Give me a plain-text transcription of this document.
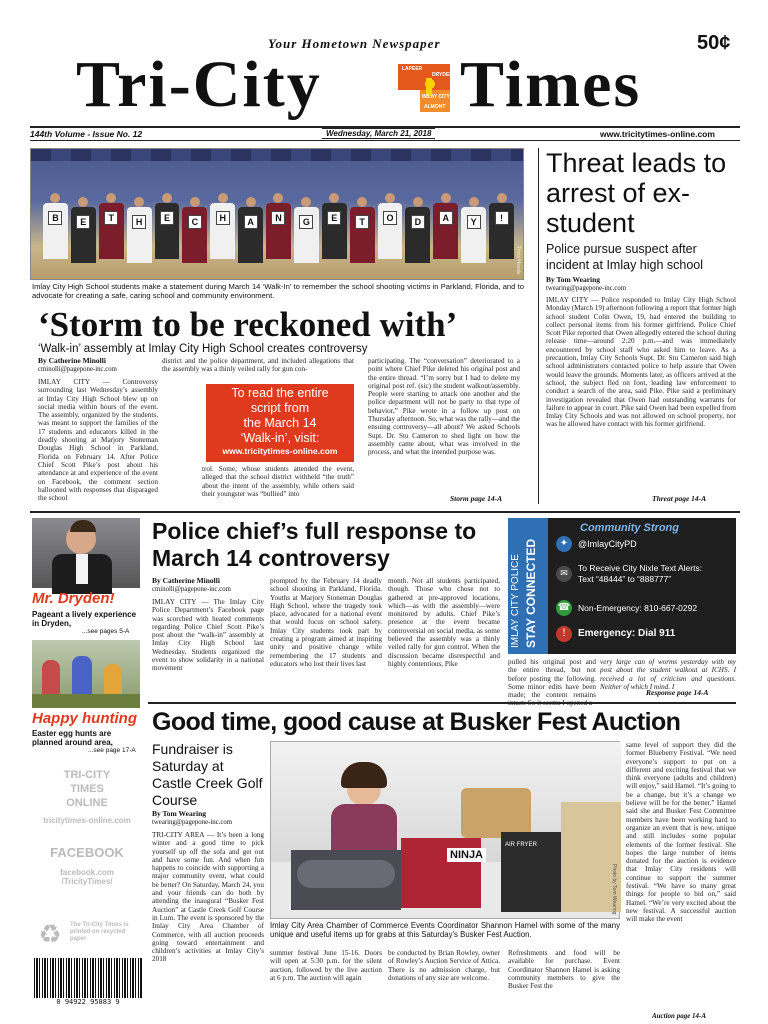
Your Hometown Newspaper	50¢
Tri-City	LAPEER
IMLAY CITY
ALMONT
DRYDEN Times
144th Volume - Issue No. 12	Wednesday, March 21, 2018	www.tricitytimes-online.com
B	E	T	H	E	C	H	A	N	G	E	T	O	D	A	Y	!
Tricia Hassle
Imlay City High School students make a statement during March 14 ‘Walk-In’ to remember the school shooting victims in Parkland, Florida, and to advocate for creating a safe, caring school and community environment.
‘Storm to be reckoned with’
‘Walk-in’ assembly at Imlay City High School creates controversy
By Catherine Minolli
cminolli@pagepone-inc.com
IMLAY CITY — Controversy surrounding last Wednesday’s assembly at Imlay City High School blew up on social media within hours of the event. The assembly, organized by the students, was meant to support the families of the 17 students and educators killed in the deadly shooting at Marjory Stoneman Douglas High School in Parkland, Florida on February 14. After Police Chief Scott Pike’s post about his attendance at and experience of the event on Facebook, the comment section ballooned with responses that disparaged the school
district and the police department, and included allegations that the assembly was a thinly veiled rally for gun con-
To read the entire
script from
the March 14
‘Walk-in’, visit:
www.tricitytimes-online.com
trol. Some, whose students attended the event, alleged that the school district withheld “the truth” about the intent of the assembly, while others said their youngster was “bullied” into
participating. The “conversation” deteriorated to a point where Chief Pike deleted his original post and the entire thread. “I’m sorry but I had to delete my original post ref. (sic) the student walkout/assembly. People were starting to attack one another and the police department will not be party to that type of behavior,” Pike wrote in a follow up post on Thursday afternoon. So, what was the rally—and the ensuing controversy—all about? We asked Schools Supt. Dr. Stu Cameron to shed light on how the assembly came about, what was involved in the process, and what the intended purpose was.
Storm page 14-A
Threat leads to arrest of ex-student
Police pursue suspect after incident at Imlay high school
By Tom Wearing
twearing@pagepone-inc.com
IMLAY CITY — Police responded to Imlay City High School Monday (March 19) afternoon following a report that former high school student Colin Owen, 19, had entered the building to collect personal items from his former girlfriend. Police Chief Scott Pike reported that Owen allegedly entered the school during release time—around 2:20 p.m.—and was immediately encountered by school staff who asked him to leave. As a precaution, Imlay City Schools Supt. Dr. Stu Cameron said high school administrators contacted police to help assure that Owen would leave the grounds. Moments later, as officers arrived at the school, the subject fled on foot, leading law enforcement to conduct a search of the area, said Pike. Pike said a preliminary investigation revealed that Owen had outstanding warrants for failure to appear in court. Pike said Owen had been expelled from Imlay City Schools and was not allowed on school property, nor was he allowed have contact with his former girlfriend.
Threat page 14-A
Mr. Dryden!
Pageant a lively experience in Dryden,
...see pages 5-A
Happy hunting
Easter egg hunts are planned around area,
...see page 17-A
Police chief’s full response to March 14 controversy
By Catherine Minolli
cminolli@pagepone-inc.com
IMLAY CITY — The Imlay City Police Department’s Facebook page was scorched with heated comments regarding Police Chief Scott Pike’s post about the “walk-in” assembly at Imlay City High School last Wednesday. Students organized the event to show solidarity in a national movement
prompted by the February 14 deadly school shooting in Parkland, Florida. Youths at Marjory Stoneman Douglas High School, where the tragedy took place, advocated for a national event that would focus on school safety. Imlay City students took part by creating a program aimed at inspiring unity and positive change while remembering the 17 students and educators who lost their lives last
month. Not all students participated, though. Those who chose not to gathered at pre-approved locations, which—as with the assembly—were monitored by adults. Chief Pike’s presence at the event became controversial on social media, as some believed the assembly was a thinly veiled rally for gun control. When the discussion became disrespectful and highly contentious, Pike	pulled his original post and the entire thread, but not before posting the following. Some minor edits have been made; the content remains
very large can of worms yesterday with my post about the student walkout at ICHS. I received a lot of criticism and questions. Neither of which I mind. I
Response page 14-A
IMLAY CITY POLICE STAY CONNECTED
Community Strong
✦	@ImlayCityPD
✉
To Receive City Nixle Text Alerts:
Text “48444” to “888777”
☎ Non-Emergency: 810-667-0292
!	Emergency: Dial 911
TRI-CITY
TIMES
ONLINE
tricitytimes-online.com
FACEBOOK
facebook.com
/TricityTimes/
♻	The Tri-City Times is printed on recycled paper
0 94922 95883 9
Good time, good cause at Busker Fest Auction
Fundraiser is Saturday at Castle Creek Golf Course
By Tom Wearing
twearing@pagepone-inc.com
TRI-CITY AREA — It’s been a long winter and a good time to pick yourself up off the sofa and get out and have some fun. And when fun happens to coincide with supporting a major community event, what could be better? On Saturday, March 24, you and your friends can do both by attending the inaugural “Busker Fest Auction” at Castle Creek Golf Course in Lum. The event is sponsored by the Imlay City Area Chamber of Commerce, with all auction proceeds going toward entertainment and children’s activities at Imlay City’s 2018
NINJA
AIR FRYER
Photo by Tom Wearing
Imlay City Area Chamber of Commerce Events Coordinator Shannon Hamel with some of the many unique and useful items up for grabs at this Saturday’s Busker Fest Auction.
summer festival June 15-16. Doors will open at 5:30 p.m. for the silent auction, followed by the live auction at 6 p.m. The auction will again
be conducted by Brian Rowley, owner of Rowley’s Auction Service of Attica. There is no admission charge, but donations of any size are welcome.
Refreshments and food will be available for purchase. Event Coordinator Shannon Hamel is asking community members to give the Busker Fest the
same level of support they did the former Blueberry Festival. “We need everyone’s support to put on a different and exciting festival that we think everyone (adults and children) will enjoy,” said Hamel. “It’s going to be a change, but it’s a change we believe will be for the better.” Hamel said she and Busker Fest Committee members have been working hard to organize an event that is new, unique and still includes some popular elements of the former festival. She hopes the large number of items donated for the auction is evidence that Imlay City residents will continue to support the summer festival. “We have so many great things for people to bid on,” said Hamel. “We’re very excited about the new festival. A successful auction will make the event
Auction page 14-A
